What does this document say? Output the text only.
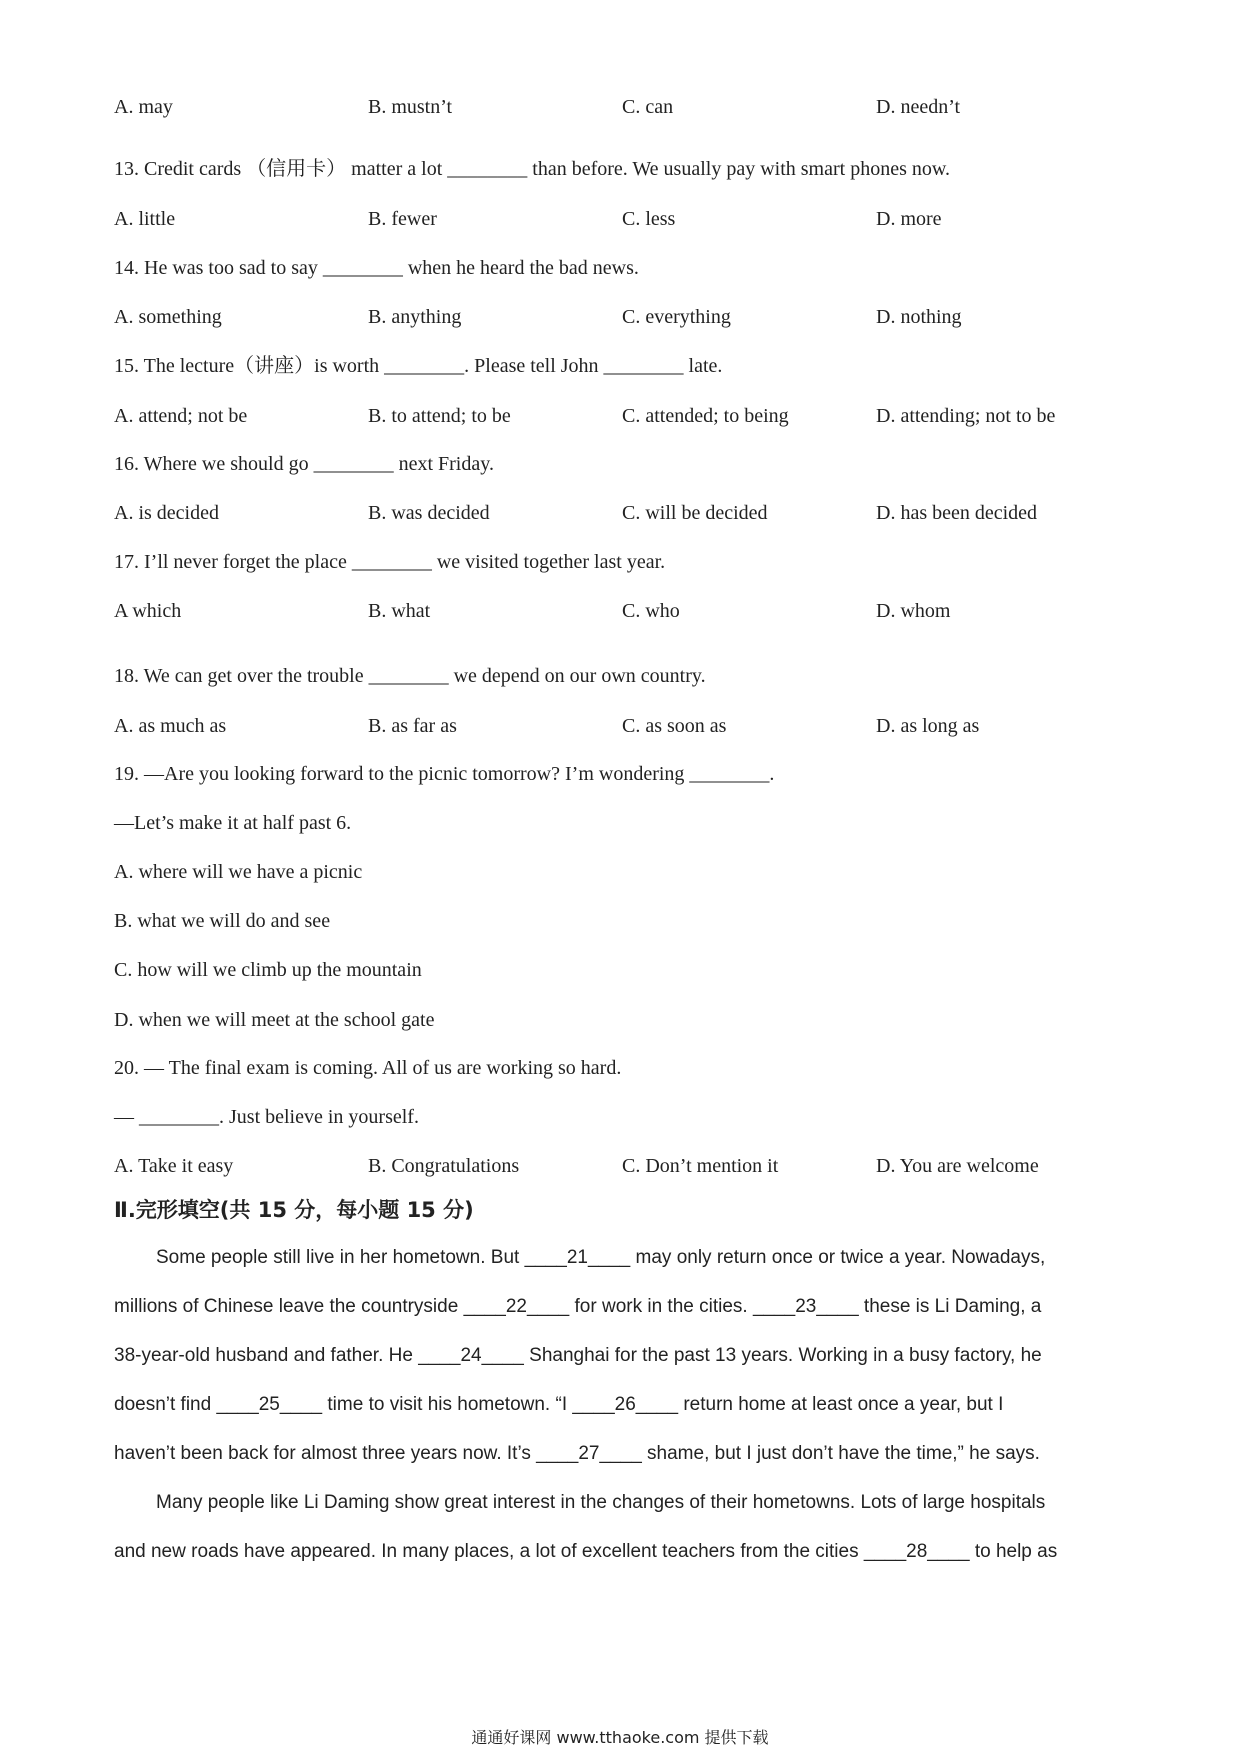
A. may	B. mustn’t	C. can	D. needn’t
13. Credit cards （信用卡） matter a lot ________ than before. We usually pay with smart phones now.
A. little	B. fewer	C. less	D. more
14. He was too sad to say ________ when he heard the bad news.
A. something	B. anything	C. everything	D. nothing
15. The lecture（讲座）is worth ________. Please tell John ________ late.
A. attend; not be	B. to attend; to be	C. attended; to being	D. attending; not to be
16. Where we should go ________ next Friday.
A. is decided	B. was decided	C. will be decided	D. has been decided
17. I’ll never forget the place ________ we visited together last year.
A which	B. what	C. who	D. whom
18. We can get over the trouble ________ we depend on our own country.
A. as much as	B. as far as	C. as soon as	D. as long as
19. —Are you looking forward to the picnic tomorrow? I’m wondering ________.
—Let’s make it at half past 6.
A. where will we have a picnic
B. what we will do and see
C. how will we climb up the mountain
D. when we will meet at the school gate
20. — The final exam is coming. All of us are working so hard.
— ________. Just believe in yourself.
A. Take it easy	B. Congratulations	C. Don’t mention it	D. You are welcome
Ⅱ.完形填空(共 15 分，每小题 15 分)
Some people still live in her hometown. But ____21____ may only return once or twice a year. Nowadays,
millions of Chinese leave the countryside ____22____ for work in the cities. ____23____ these is Li Daming, a
38-year-old husband and father. He ____24____ Shanghai for the past 13 years. Working in a busy factory, he
doesn’t find ____25____ time to visit his hometown. “I ____26____ return home at least once a year, but I
haven’t been back for almost three years now. It’s ____27____ shame, but I just don’t have the time,” he says.
Many people like Li Daming show great interest in the changes of their hometowns. Lots of large hospitals
and new roads have appeared. In many places, a lot of excellent teachers from the cities ____28____ to help as
通通好课网 www.tthaoke.com 提供下载
